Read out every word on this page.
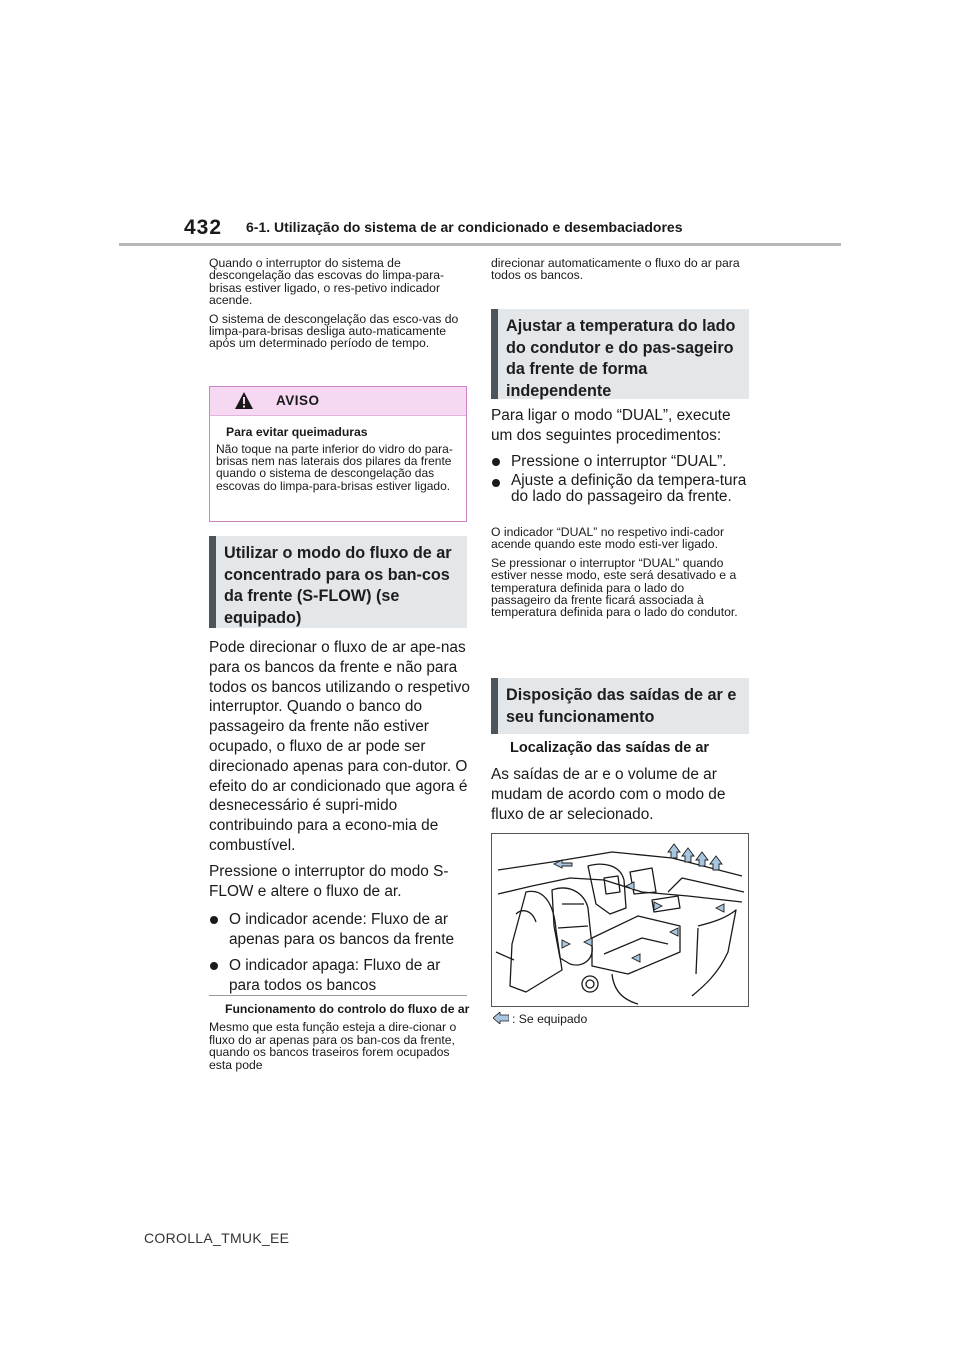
432 6-1. Utilização do sistema de ar condicionado e desembaciadores

Quando o interruptor do sistema de descongelação das escovas do limpa-para-brisas estiver ligado, o res-petivo indicador acende.

O sistema de descongelação das esco-vas do limpa-para-brisas desliga auto-maticamente após um determinado período de tempo.

AVISO
Para evitar queimaduras
Não toque na parte inferior do vidro do para-brisas nem nas laterais dos pilares da frente quando o sistema de descongelação das escovas do limpa-para-brisas estiver ligado.
Utilizar o modo do fluxo de ar concentrado para os ban-cos da frente (S-FLOW) (se equipado)

Pode direcionar o fluxo de ar ape-nas para os bancos da frente e não para todos os bancos utilizando o respetivo interruptor. Quando o banco do passageiro da frente não estiver ocupado, o fluxo de ar pode ser direcionado apenas para con-dutor. O efeito do ar condicionado que agora é desnecessário é supri-mido contribuindo para a econo-mia de combustível.

Pressione o interruptor do modo S-FLOW e altere o fluxo de ar.

O indicador acende: Fluxo de ar apenas para os bancos da frente

O indicador apaga: Fluxo de ar para todos os bancos

Funcionamento do controlo do fluxo de ar

Mesmo que esta função esteja a dire-cionar o fluxo do ar apenas para os ban-cos da frente, quando os bancos traseiros forem ocupados esta pode

direcionar automaticamente o fluxo do ar para todos os bancos.
Ajustar a temperatura do lado do condutor e do pas-sageiro da frente de forma independente

Para ligar o modo “DUAL”, execute um dos seguintes procedimentos:

Pressione o interruptor “DUAL”.

Ajuste a definição da tempera-tura do lado do passageiro da frente.

O indicador “DUAL” no respetivo indi-cador acende quando este modo esti-ver ligado.

Se pressionar o interruptor “DUAL” quando estiver nesse modo, este será desativado e a temperatura definida para o lado do passageiro da frente ficará associada à temperatura definida para o lado do condutor.

Disposição das saídas de ar e seu funcionamento
Localização das saídas de ar
As saídas de ar e o volume de ar mudam de acordo com o modo de fluxo de ar selecionado.
: Se equipado
COROLLA_TMUK_EE
